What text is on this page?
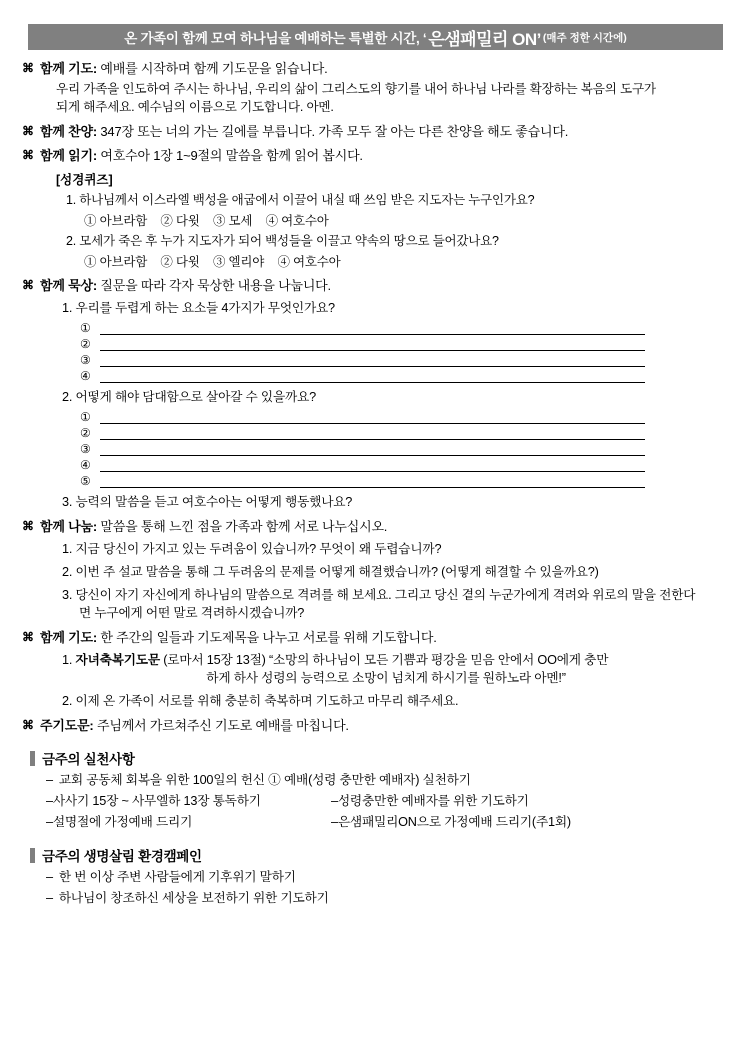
온 가족이 함께 모여 하나님을 예배하는 특별한 시간, ‘ 은샘패밀리 ON’ (매주 정한 시간에)
⌘ 함께 기도: 예배를 시작하며 함께 기도문을 읽습니다.
우리 가족을 인도하여 주시는 하나님, 우리의 삶이 그리스도의 향기를 내어 하나님 나라를 확장하는 복음의 도구가 되게 해주세요. 예수님의 이름으로 기도합니다. 아멘.
⌘ 함께 찬양: 347장 또는 너의 가는 길에를 부릅니다. 가족 모두 잘 아는 다른 찬양을 해도 좋습니다.
⌘ 함께 읽기: 여호수아 1장 1~9절의 말씀을 함께 읽어 봅시다.
[성경퀴즈]
1. 하나님께서 이스라엘 백성을 애굽에서 이끌어 내실 때 쓰임 받은 지도자는 누구인가요?
① 아브라함 ② 다윗 ③ 모세 ④ 여호수아
2. 모세가 죽은 후 누가 지도자가 되어 백성들을 이끌고 약속의 땅으로 들어갔나요?
① 아브라함 ② 다윗 ③ 엘리야 ④ 여호수아
⌘ 함께 묵상: 질문을 따라 각자 묵상한 내용을 나눕니다.
1. 우리를 두렵게 하는 요소들 4가지가 무엇인가요?
①
②
③
④
2. 어떻게 해야 담대함으로 살아갈 수 있을까요?
①
②
③
④
⑤
3. 능력의 말씀을 듣고 여호수아는 어떻게 행동했나요?
⌘ 함께 나눔: 말씀을 통해 느낀 점을 가족과 함께 서로 나누십시오.
1. 지금 당신이 가지고 있는 두려움이 있습니까? 무엇이 왜 두렵습니까?
2. 이번 주 설교 말씀을 통해 그 두려움의 문제를 어떻게 해결했습니까? (어떻게 해결할 수 있을까요?)
3. 당신이 자기 자신에게 하나님의 말씀으로 격려를 해 보세요. 그리고 당신 곁의 누군가에게 격려와 위로의 말을 전한다면 누구에게 어떤 말로 격려하시겠습니까?
⌘ 함께 기도: 한 주간의 일들과 기도제목을 나누고 서로를 위해 기도합니다.
1. 자녀축복기도문 (로마서 15장 13절) “소망의 하나님이 모든 기쁨과 평강을 믿음 안에서 OO에게 충만
하게 하사 성령의 능력으로 소망이 넘치게 하시기를 원하노라 아멘!”
2. 이제 온 가족이 서로를 위해 충분히 축복하며 기도하고 마무리 해주세요.
⌘ 주기도문: 주님께서 가르쳐주신 기도로 예배를 마칩니다.
금주의 실천사항
– 교회 공동체 회복을 위한 100일의 헌신 ① 예배(성령 충만한 예배자) 실천하기
–사사기 15장 ~ 사무엘하 13장 통독하기	–성령충만한 예배자를 위한 기도하기
–설명절에 가정예배 드리기	–은샘패밀리ON으로 가정예배 드리기(주1회)
금주의 생명살림 환경캠페인
– 한 번 이상 주변 사람들에게 기후위기 말하기
– 하나님이 창조하신 세상을 보전하기 위한 기도하기
